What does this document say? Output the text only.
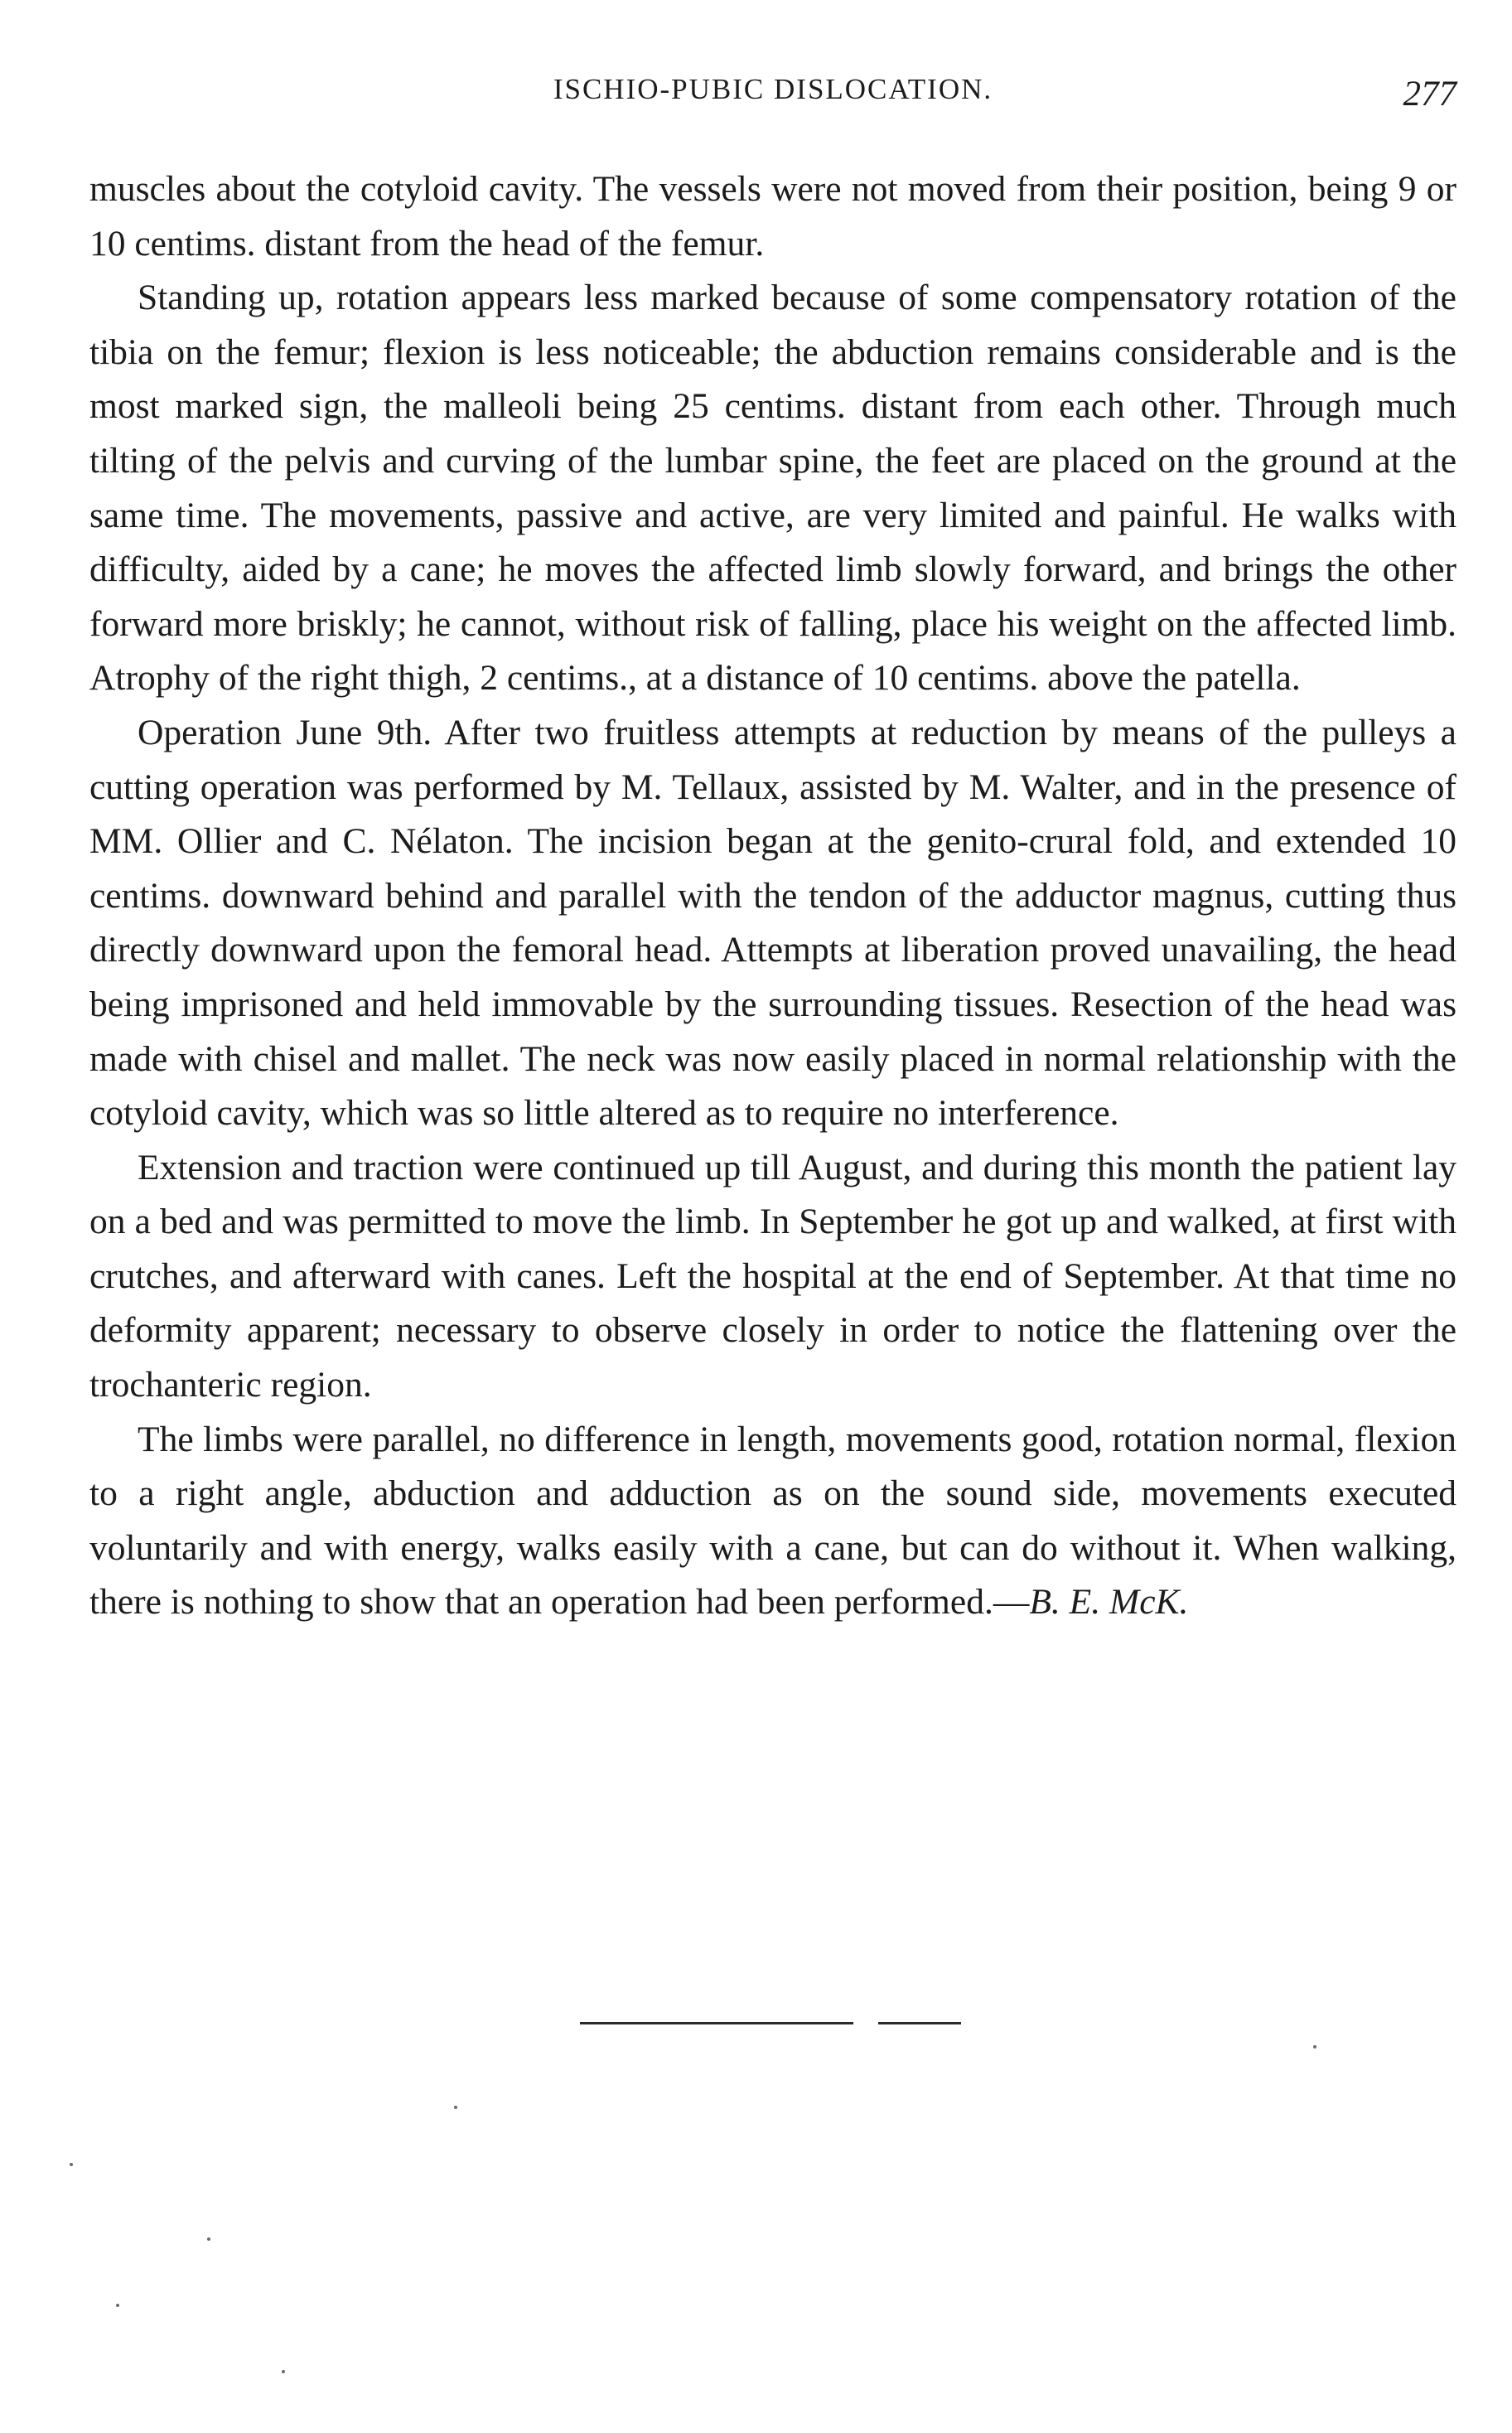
ISCHIO-PUBIC DISLOCATION.	277

muscles about the cotyloid cavity. The vessels were not moved from their position, being 9 or 10 centims. distant from the head of the femur.

Standing up, rotation appears less marked because of some compensatory rotation of the tibia on the femur; flexion is less noticeable; the abduction remains considerable and is the most marked sign, the malleoli being 25 centims. distant from each other. Through much tilting of the pelvis and curving of the lumbar spine, the feet are placed on the ground at the same time. The movements, passive and active, are very limited and painful. He walks with difficulty, aided by a cane; he moves the affected limb slowly forward, and brings the other forward more briskly; he cannot, without risk of falling, place his weight on the affected limb. Atrophy of the right thigh, 2 centims., at a distance of 10 centims. above the patella.

Operation June 9th. After two fruitless attempts at reduction by means of the pulleys a cutting operation was performed by M. Tellaux, assisted by M. Walter, and in the presence of MM. Ollier and C. Nélaton. The incision began at the genito-crural fold, and extended 10 centims. downward behind and parallel with the tendon of the adductor magnus, cutting thus directly downward upon the femoral head. Attempts at liberation proved unavailing, the head being imprisoned and held immovable by the surrounding tissues. Resection of the head was made with chisel and mallet. The neck was now easily placed in normal relationship with the cotyloid cavity, which was so little altered as to require no interference.

Extension and traction were continued up till August, and during this month the patient lay on a bed and was permitted to move the limb. In September he got up and walked, at first with crutches, and afterward with canes. Left the hospital at the end of September. At that time no deformity apparent; necessary to observe closely in order to notice the flattening over the trochanteric region.

The limbs were parallel, no difference in length, movements good, rotation normal, flexion to a right angle, abduction and adduction as on the sound side, movements executed voluntarily and with energy, walks easily with a cane, but can do without it. When walking, there is nothing to show that an operation had been performed.—B. E. McK.
